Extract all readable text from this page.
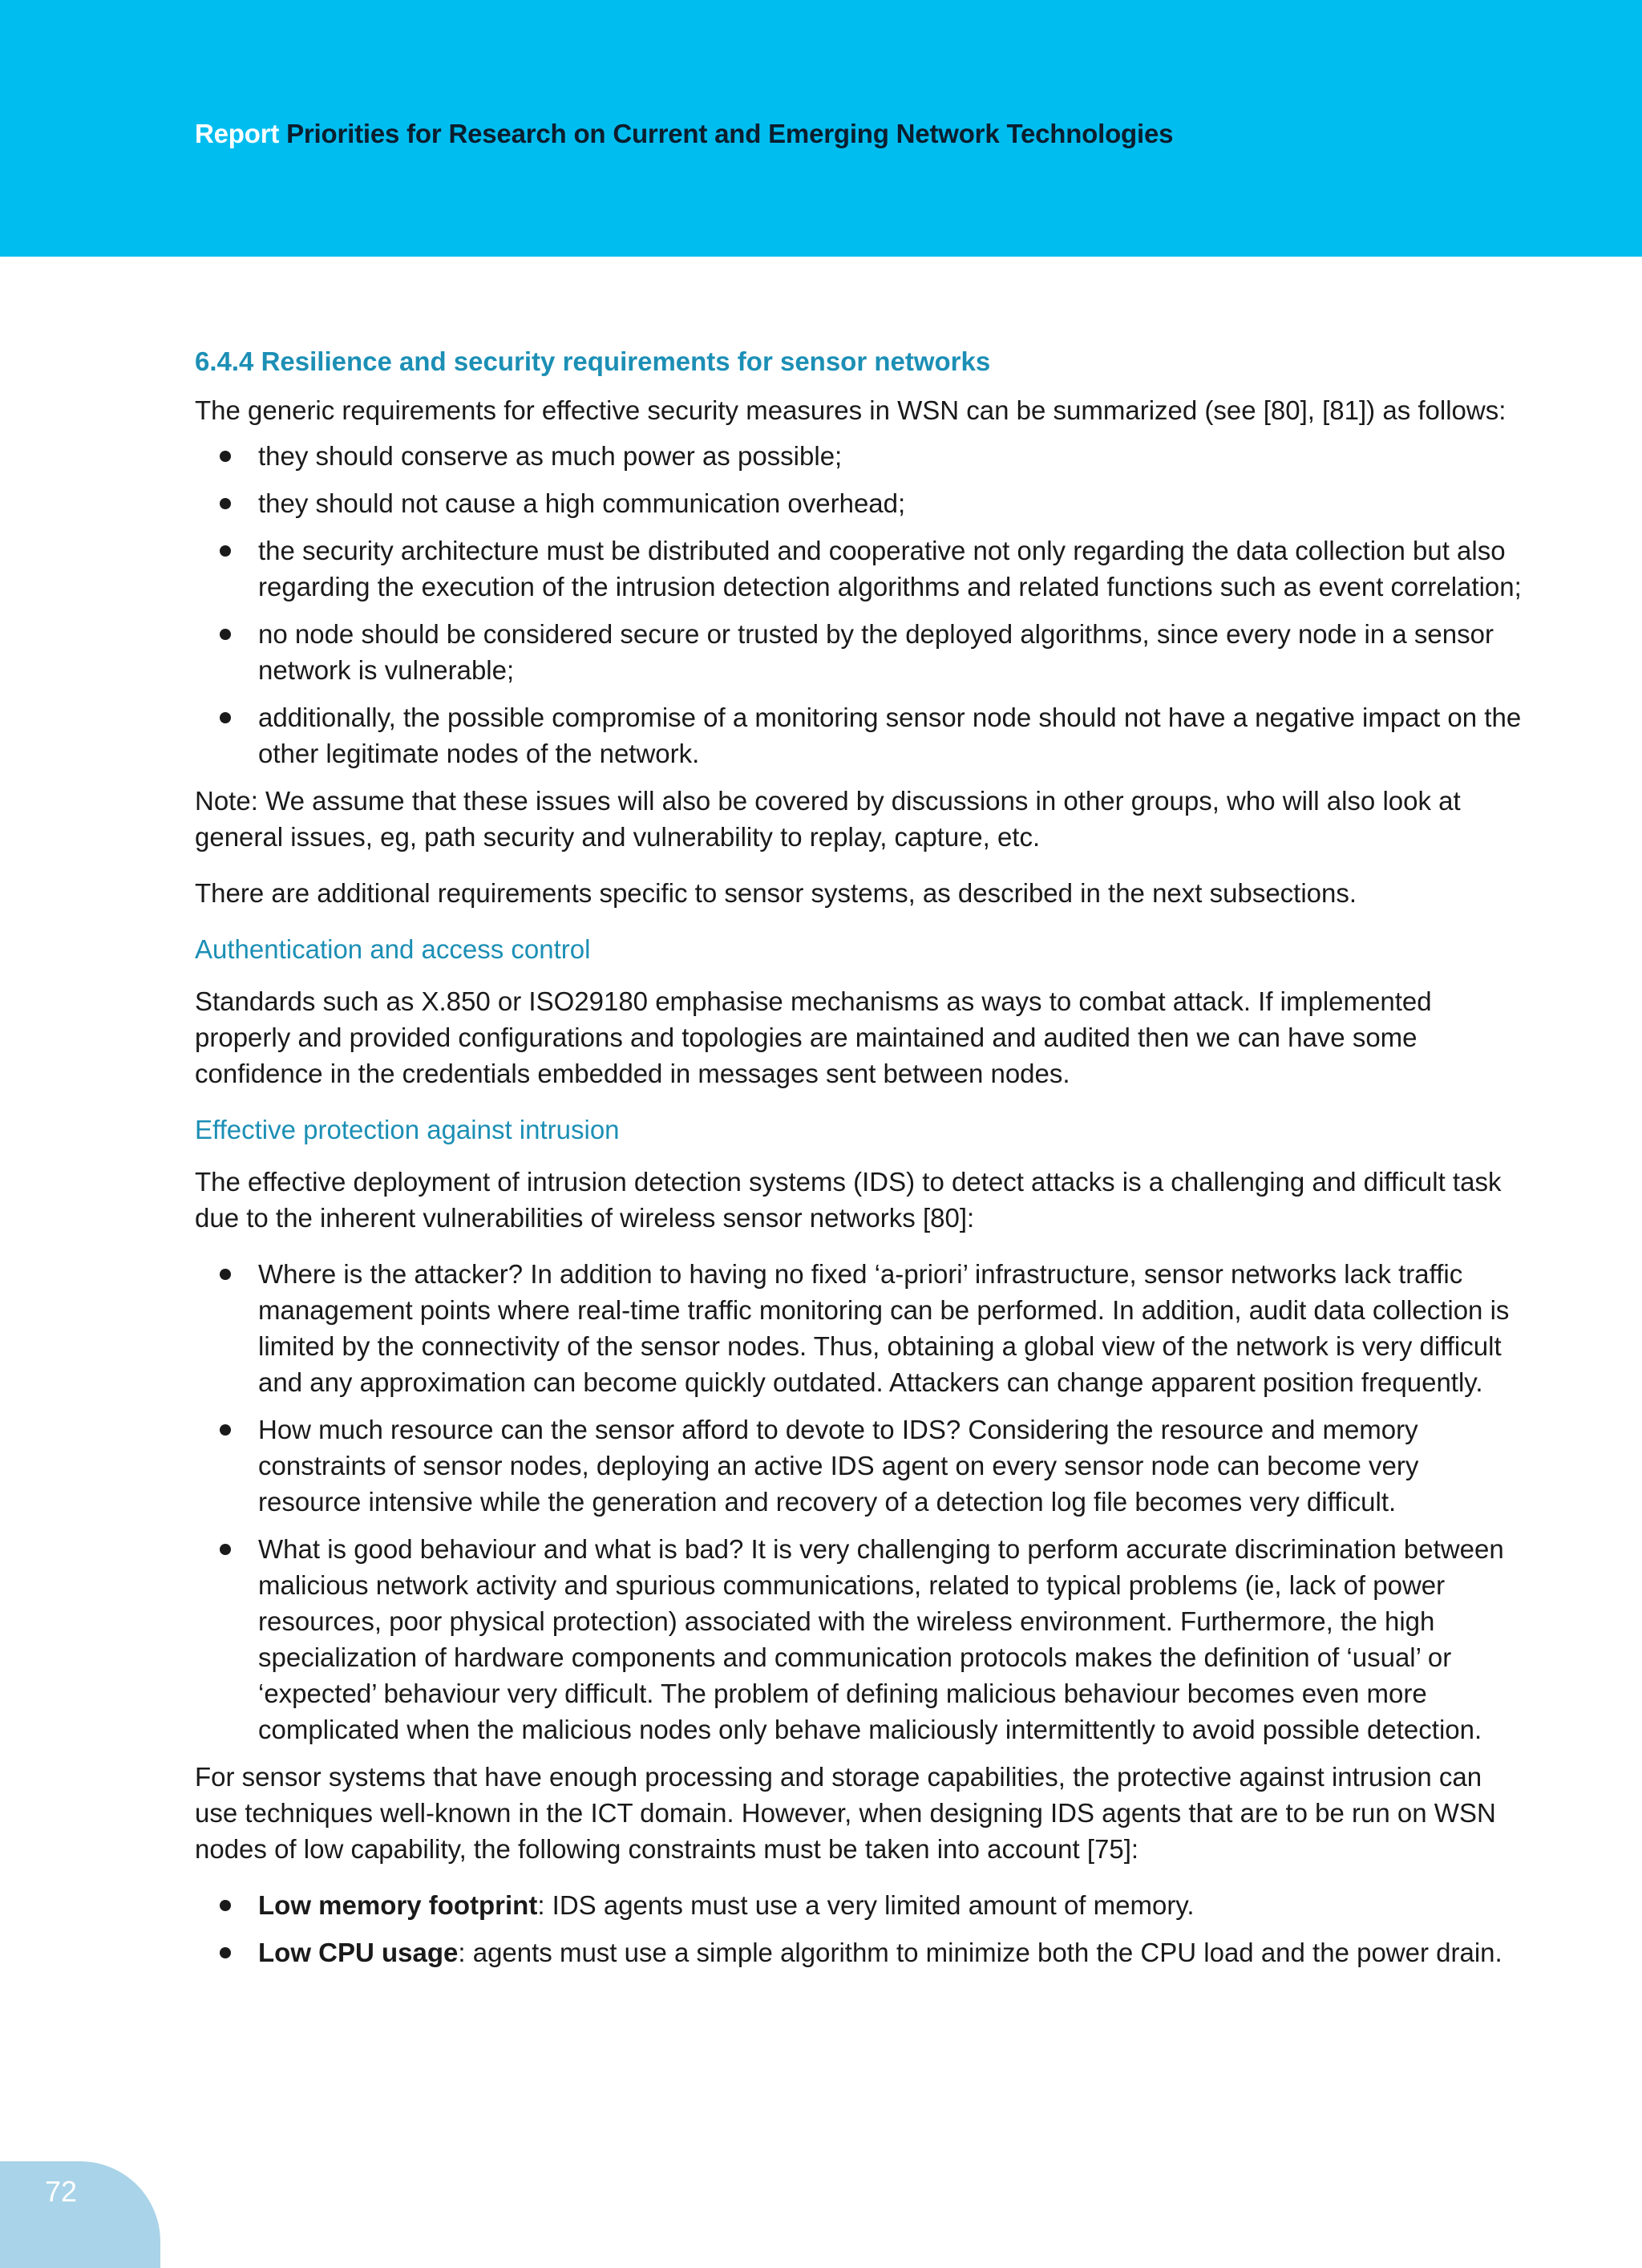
Report Priorities for Research on Current and Emerging Network Technologies
6.4.4 Resilience and security requirements for sensor networks

The generic requirements for effective security measures in WSN can be summarized (see [80], [81]) as follows:

they should conserve as much power as possible;
they should not cause a high communication overhead;
the security architecture must be distributed and cooperative not only regarding the data collection but also regarding the execution of the intrusion detection algorithms and related functions such as event correlation;
no node should be considered secure or trusted by the deployed algorithms, since every node in a sensor network is vulnerable;
additionally, the possible compromise of a monitoring sensor node should not have a negative impact on the other legitimate nodes of the network.

Note: We assume that these issues will also be covered by discussions in other groups, who will also look at general issues, eg, path security and vulnerability to replay, capture, etc.

There are additional requirements specific to sensor systems, as described in the next subsections.

Authentication and access control

Standards such as X.850 or ISO29180 emphasise mechanisms as ways to combat attack. If implemented properly and provided configurations and topologies are maintained and audited then we can have some confidence in the credentials embedded in messages sent between nodes.

Effective protection against intrusion

The effective deployment of intrusion detection systems (IDS) to detect attacks is a challenging and difficult task due to the inherent vulnerabilities of wireless sensor networks [80]:

Where is the attacker? In addition to having no fixed ‘a-priori’ infrastructure, sensor networks lack traffic management points where real-time traffic monitoring can be performed. In addition, audit data collection is limited by the connectivity of the sensor nodes. Thus, obtaining a global view of the network is very difficult and any approximation can become quickly outdated. Attackers can change apparent position frequently.
How much resource can the sensor afford to devote to IDS? Considering the resource and memory constraints of sensor nodes, deploying an active IDS agent on every sensor node can become very resource intensive while the generation and recovery of a detection log file becomes very difficult.
What is good behaviour and what is bad? It is very challenging to perform accurate discrimination between malicious network activity and spurious communications, related to typical problems (ie, lack of power resources, poor physical protection) associated with the wireless environment. Furthermore, the high specialization of hardware components and communication protocols makes the definition of ‘usual’ or ‘expected’ behaviour very difficult. The problem of defining malicious behaviour becomes even more complicated when the malicious nodes only behave maliciously intermittently to avoid possible detection.

For sensor systems that have enough processing and storage capabilities, the protective against intrusion can use techniques well-known in the ICT domain. However, when designing IDS agents that are to be run on WSN nodes of low capability, the following constraints must be taken into account [75]:

Low memory footprint: IDS agents must use a very limited amount of memory.
Low CPU usage: agents must use a simple algorithm to minimize both the CPU load and the power drain.
72
